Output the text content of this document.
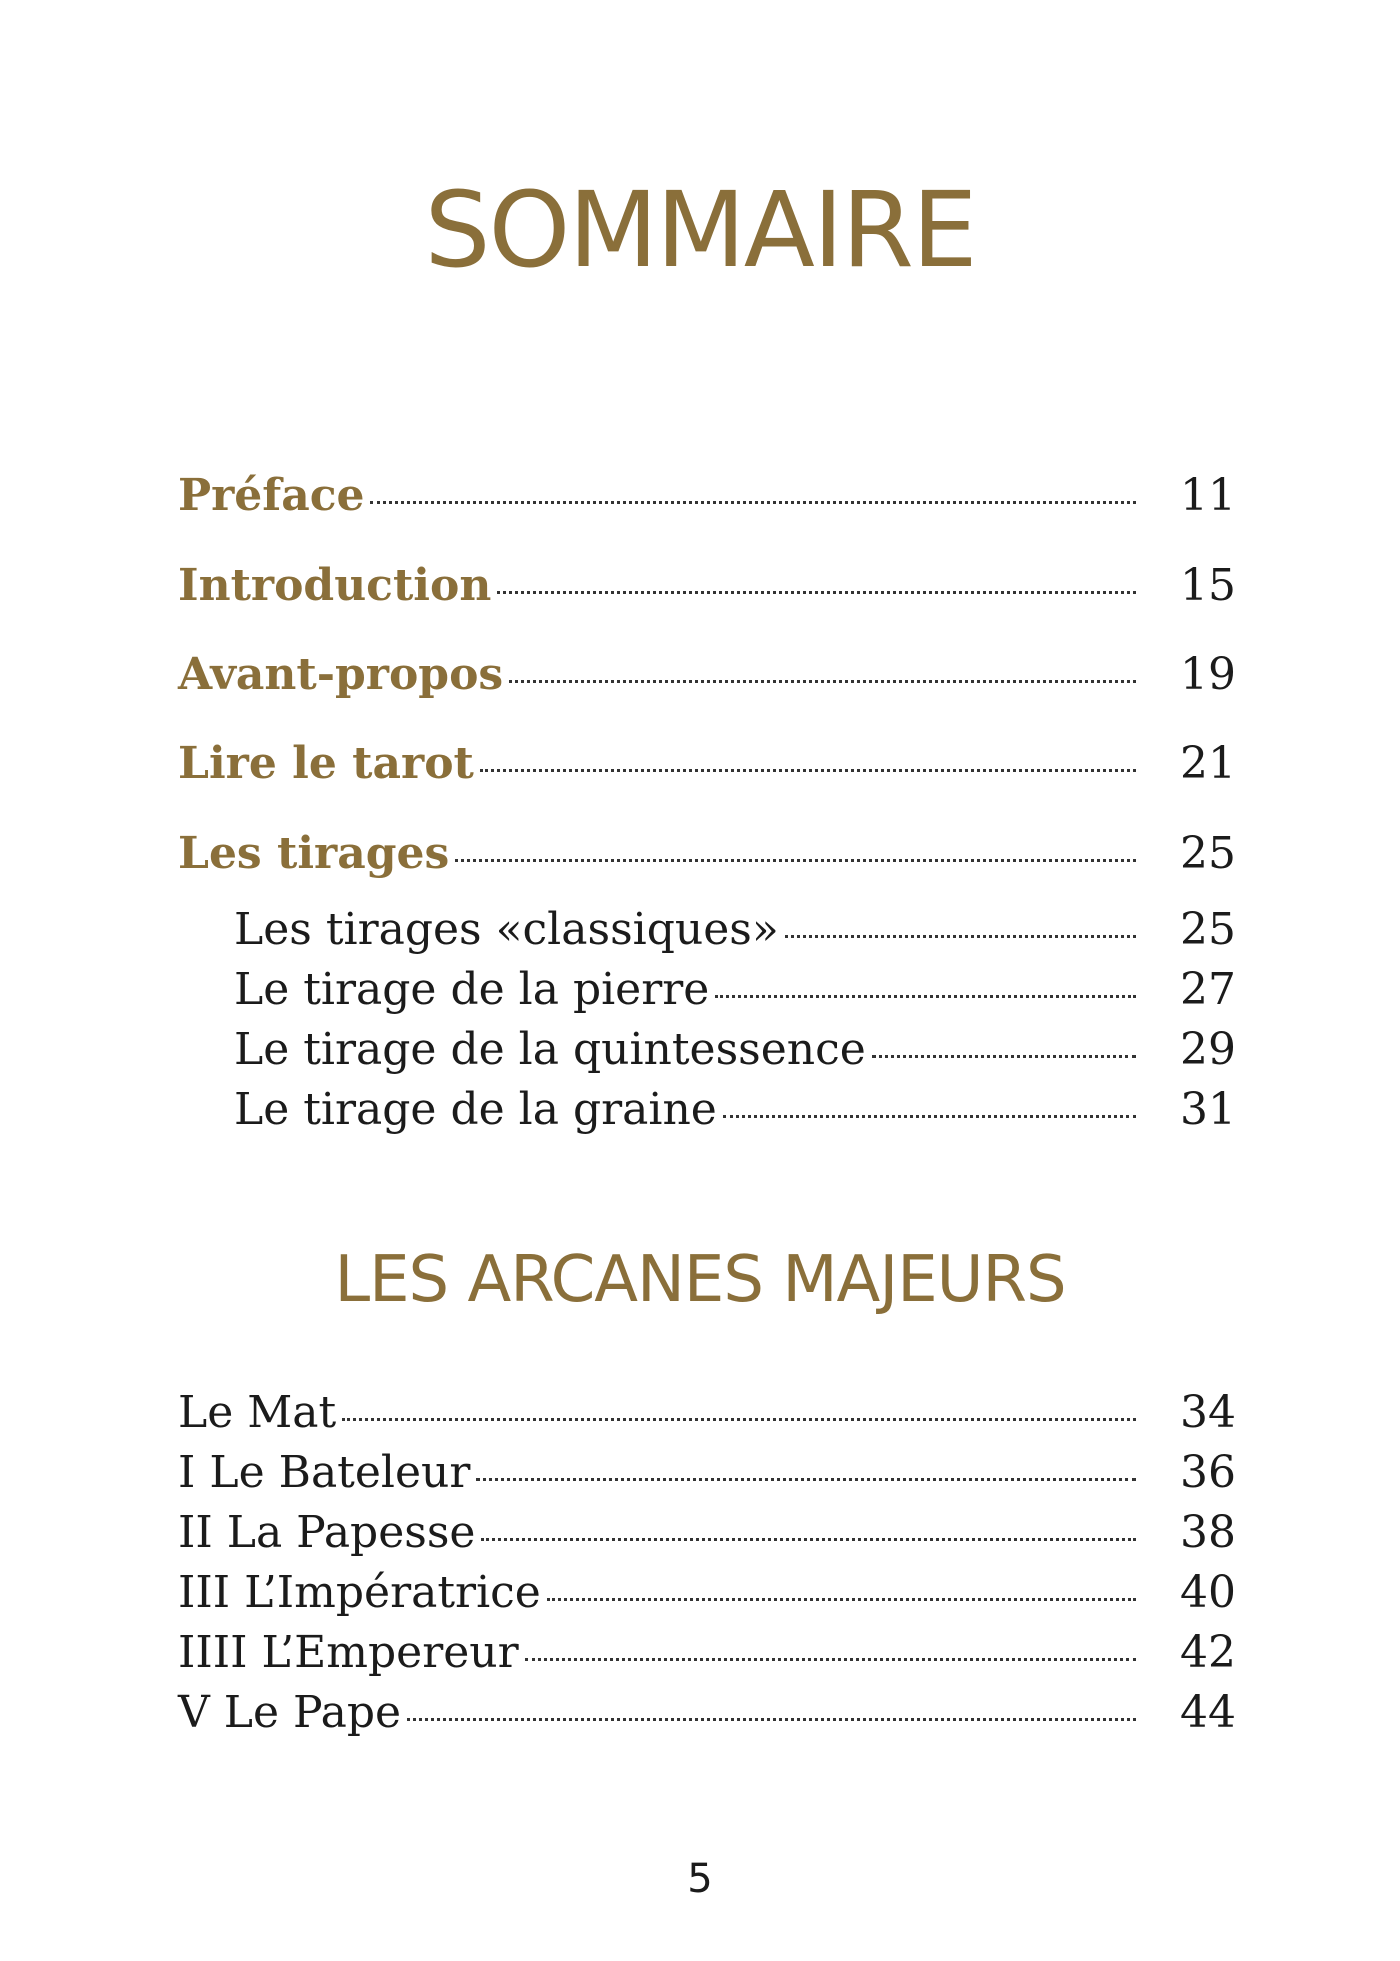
SOMMAIRE
Préface	11
Introduction	15
Avant-propos	19
Lire le tarot	21
Les tirages	25
Les tirages «classiques»	25
Le tirage de la pierre	27
Le tirage de la quintessence	29
Le tirage de la graine	31
LES ARCANES MAJEURS
Le Mat	34
I Le Bateleur	36
II La Papesse	38
III L’Impératrice	40
IIII L’Empereur	42
V Le Pape	44
5
